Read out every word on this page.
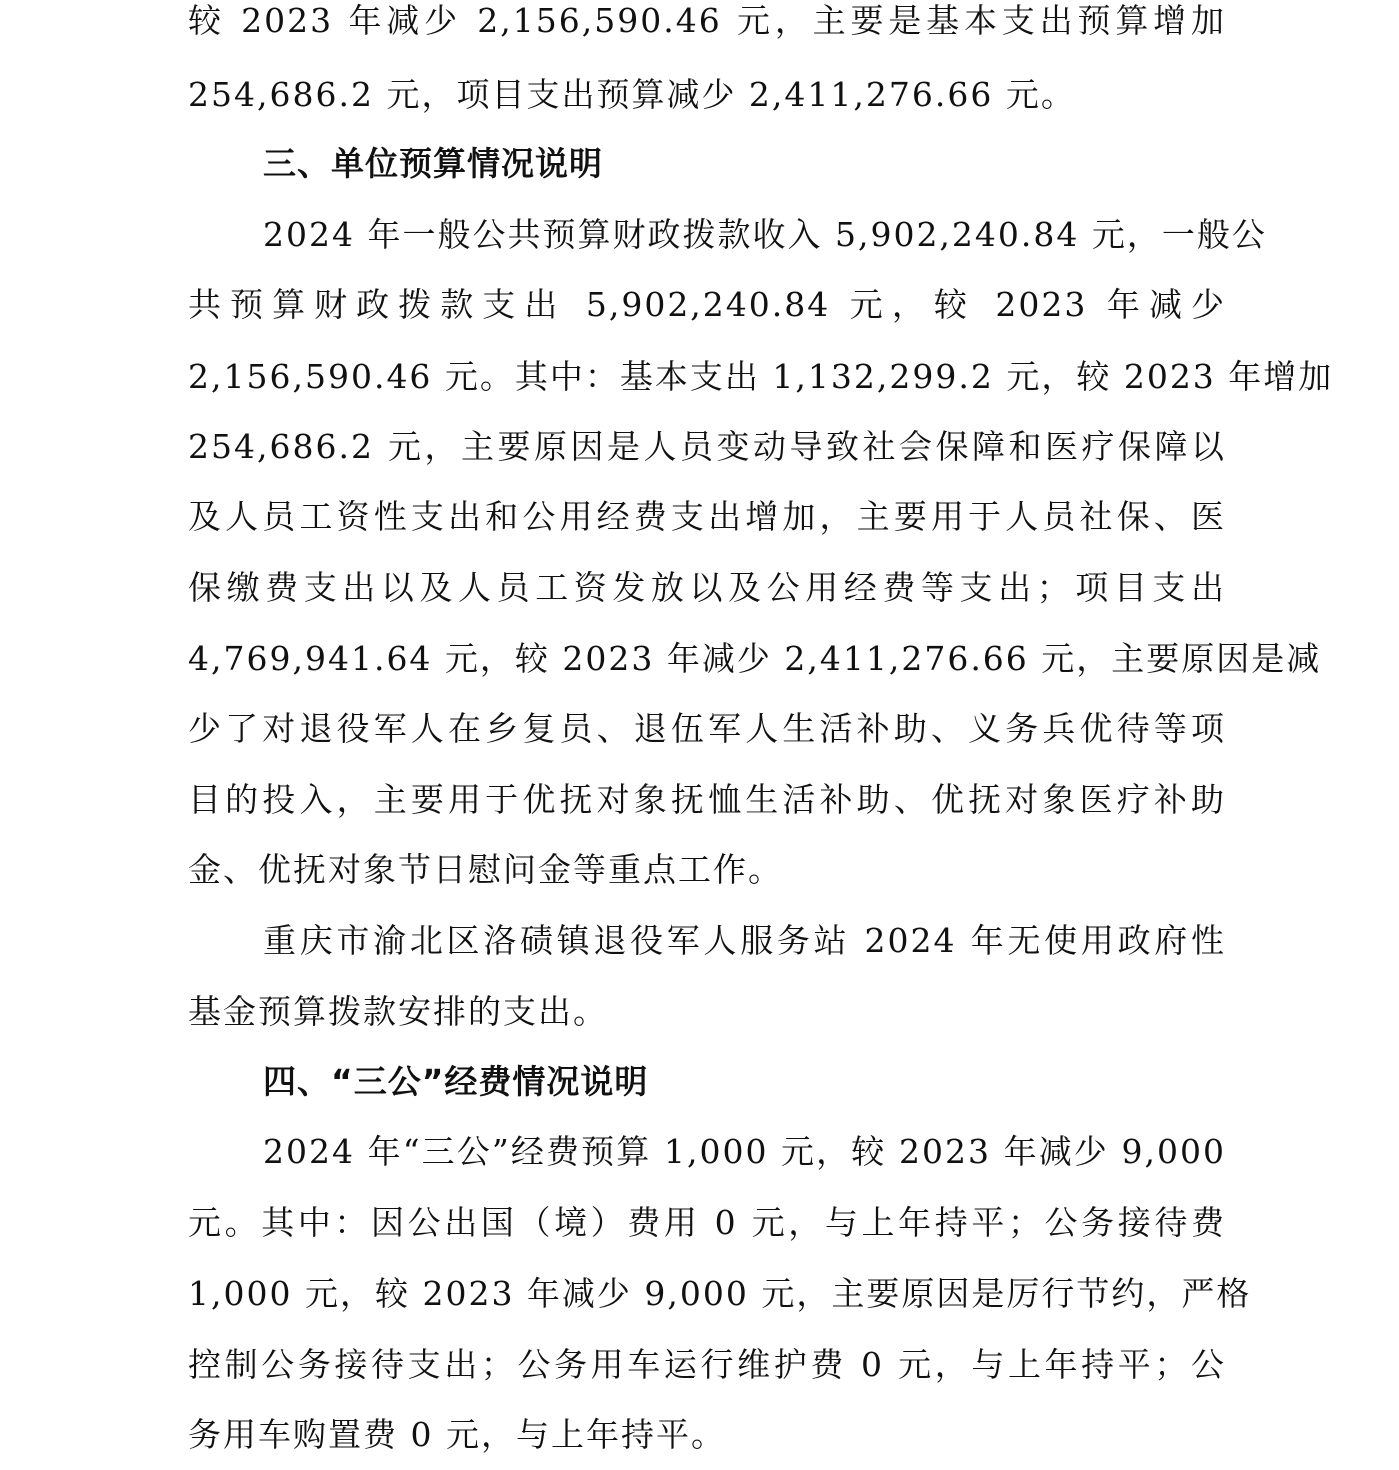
较 2023 年减少 2,156,590.46 元，主要是基本支出预算增加
254,686.2 元，项目支出预算减少 2,411,276.66 元。
三、单位预算情况说明
2024 年一般公共预算财政拨款收入 5,902,240.84 元，一般公
共预算财政拨款支出 5,902,240.84 元，较 2023 年减少
2,156,590.46 元。其中：基本支出 1,132,299.2 元，较 2023 年增加
254,686.2 元，主要原因是人员变动导致社会保障和医疗保障以
及人员工资性支出和公用经费支出增加，主要用于人员社保、医
保缴费支出以及人员工资发放以及公用经费等支出；项目支出
4,769,941.64 元，较 2023 年减少 2,411,276.66 元，主要原因是减
少了对退役军人在乡复员、退伍军人生活补助、义务兵优待等项
目的投入，主要用于优抚对象抚恤生活补助、优抚对象医疗补助
金、优抚对象节日慰问金等重点工作。
重庆市渝北区洛碛镇退役军人服务站 2024 年无使用政府性
基金预算拨款安排的支出。
四、“三公”经费情况说明
2024 年“三公”经费预算 1,000 元，较 2023 年减少 9,000
元。其中：因公出国（境）费用 0 元，与上年持平；公务接待费
1,000 元，较 2023 年减少 9,000 元，主要原因是厉行节约，严格
控制公务接待支出；公务用车运行维护费 0 元，与上年持平；公
务用车购置费 0 元，与上年持平。
